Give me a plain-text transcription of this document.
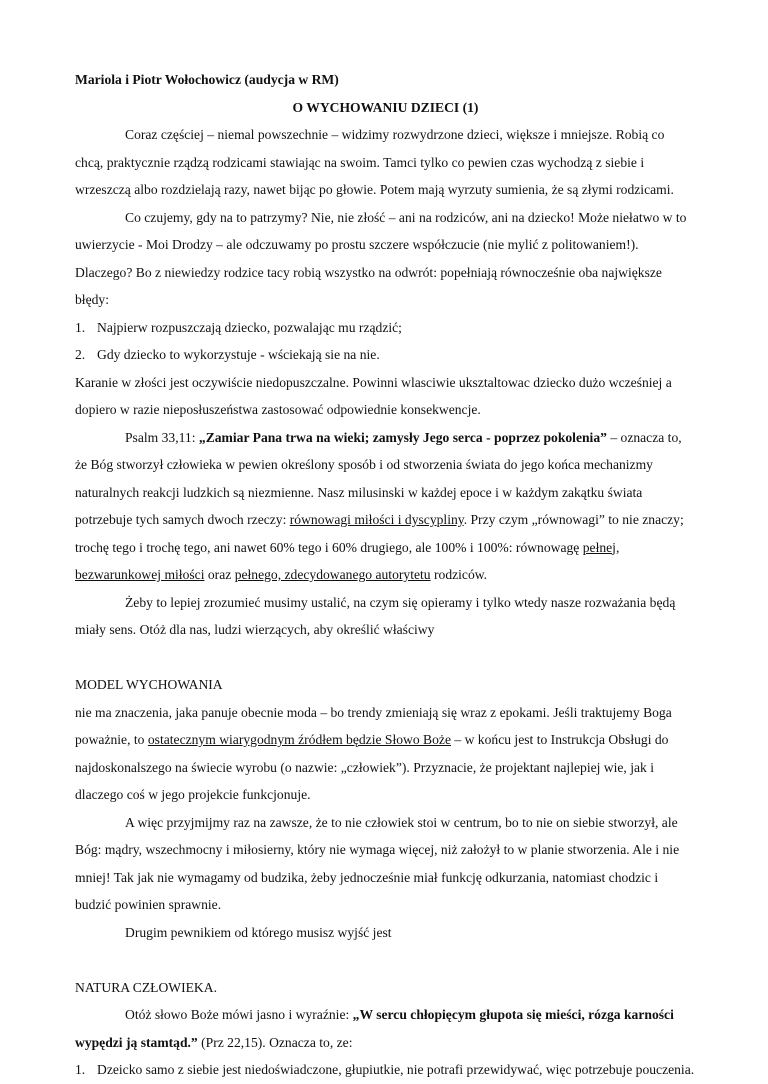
Mariola i Piotr Wołochowicz (audycja w RM)

O WYCHOWANIU DZIECI (1)

Coraz częściej – niemal powszechnie – widzimy rozwydrzone dzieci, większe i mniejsze. Robią co chcą, praktycznie rządzą rodzicami stawiając na swoim. Tamci tylko co pewien czas wychodzą z siebie i wrzeszczą albo rozdzielają razy, nawet bijąc po głowie. Potem mają wyrzuty sumienia, że są złymi rodzicami.

Co czujemy, gdy na to patrzymy? Nie, nie złość – ani na rodziców, ani na dziecko! Może niełatwo w to uwierzycie - Moi Drodzy – ale odczuwamy po prostu szczere współczucie (nie mylić z politowaniem!). Dlaczego? Bo z niewiedzy rodzice tacy robią wszystko na odwrót: popełniają równocześnie oba największe błędy:

1. Najpierw rozpuszczają dziecko, pozwalając mu rządzić;
2. Gdy dziecko to wykorzystuje - wściekają sie na nie.

Karanie w złości jest oczywiście niedopuszczalne. Powinni wlasciwie uksztaltowac dziecko dużo wcześniej a dopiero w razie nieposłuszeństwa zastosować odpowiednie konsekwencje.

Psalm 33,11: „Zamiar Pana trwa na wieki; zamysły Jego serca - poprzez pokolenia” – oznacza to, że Bóg stworzył człowieka w pewien określony sposób i od stworzenia świata do jego końca mechanizmy naturalnych reakcji ludzkich są niezmienne. Nasz milusinski w każdej epoce i w każdym zakątku świata potrzebuje tych samych dwoch rzeczy: równowagi miłości i dyscypliny. Przy czym „równowagi” to nie znaczy; trochę tego i trochę tego, ani nawet 60% tego i 60% drugiego, ale 100% i 100%: równowagę pełnej, bezwarunkowej miłości oraz pełnego, zdecydowanego autorytetu rodziców.

Żeby to lepiej zrozumieć musimy ustalić, na czym się opieramy i tylko wtedy nasze rozważania będą miały sens. Otóż dla nas, ludzi wierzących, aby określić właściwy

MODEL WYCHOWANIA

nie ma znaczenia, jaka panuje obecnie moda – bo trendy zmieniają się wraz z epokami. Jeśli traktujemy Boga poważnie, to ostatecznym wiarygodnym źródłem będzie Słowo Boże – w końcu jest to Instrukcja Obsługi do najdoskonalszego na świecie wyrobu (o nazwie: „człowiek”). Przyznacie, że projektant najlepiej wie, jak i dlaczego coś w jego projekcie funkcjonuje.

A więc przyjmijmy raz na zawsze, że to nie człowiek stoi w centrum, bo to nie on siebie stworzył, ale Bóg: mądry, wszechmocny i miłosierny, który nie wymaga więcej, niż założył to w planie stworzenia. Ale i nie mniej! Tak jak nie wymagamy od budzika, żeby jednocześnie miał funkcję odkurzania, natomiast chodzic i budzić powinien sprawnie.

Drugim pewnikiem od którego musisz wyjść jest

NATURA CZŁOWIEKA.

Otóż słowo Boże mówi jasno i wyraźnie: „W sercu chłopięcym głupota się mieści, rózga karności wypędzi ją stamtąd.” (Prz 22,15). Oznacza to, ze:

1. Dzeicko samo z siebie jest niedoświadczone, głupiutkie, nie potrafi przewidywać, więc potrzebuje pouczenia.
